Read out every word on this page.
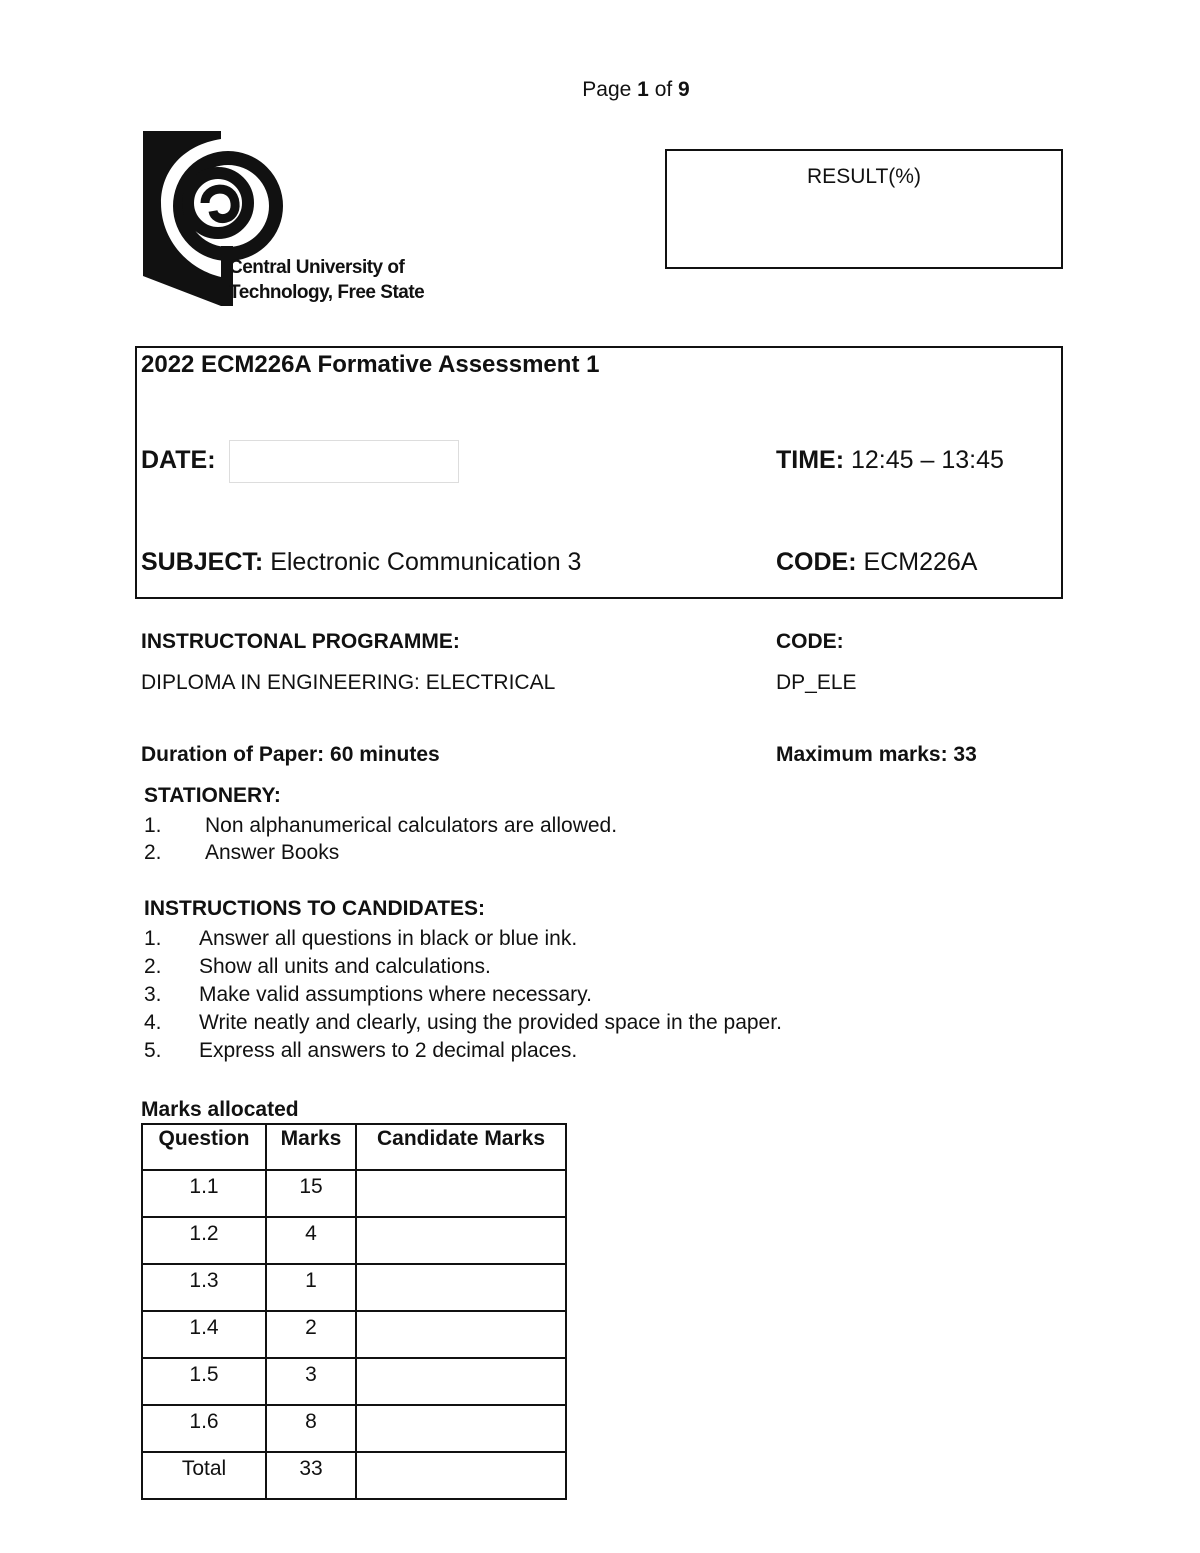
Page 1 of 9
Central University of
Technology, Free State
RESULT(%)
2022 ECM226A Formative Assessment 1
DATE:	TIME: 12:45 – 13:45
SUBJECT: Electronic Communication 3	CODE: ECM226A
INSTRUCTONAL PROGRAMME:	CODE:
DIPLOMA IN ENGINEERING: ELECTRICAL	DP_ELE
Duration of Paper: 60 minutes	Maximum marks: 33
STATIONERY:
1. Non alphanumerical calculators are allowed.
2. Answer Books
INSTRUCTIONS TO CANDIDATES:
1. Answer all questions in black or blue ink.
2. Show all units and calculations.
3. Make valid assumptions where necessary.
4. Write neatly and clearly, using the provided space in the paper.
5. Express all answers to 2 decimal places.
Marks allocated
Question	Marks	Candidate Marks
1.1	15	
1.2	4	
1.3	1	
1.4	2	
1.5	3	
1.6	8	
Total	33	
